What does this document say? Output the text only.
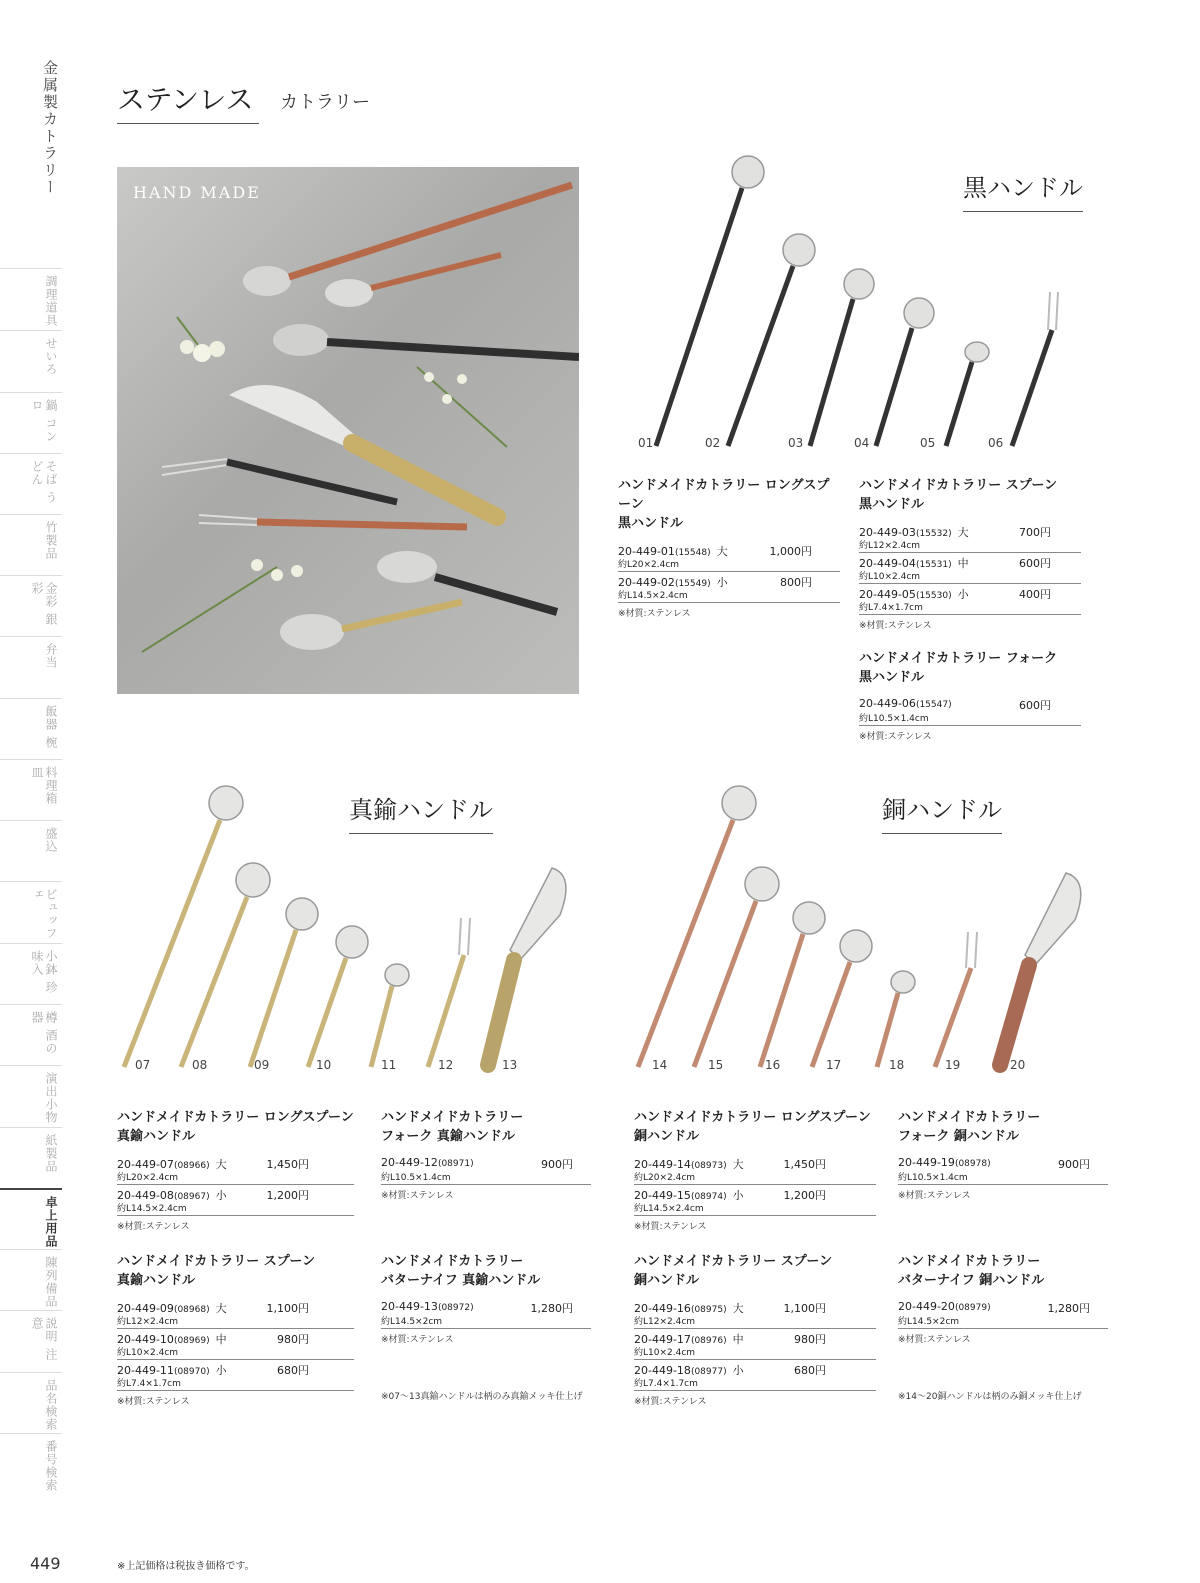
金属製カトラリー
調理道具
せいろ
鍋 コンロ
そば うどん
竹製品
金彩 銀彩
弁当
飯器 椀
料理箱 皿
盛込
ビュッフェ
小鉢 珍味入
樽 酒の器
演出小物
紙製品
卓上用品
陳列備品
説明 注意
品名検索
番号検索
449	※上記価格は税抜き価格です。
ステンレス カトラリー
HAND MADE	黒ハンドル
真鍮ハンドル	銅ハンドル
01	02	03	04	05	06
07	08	09	10	11	12	13	14	15	16	17	18	19	20
ハンドメイドカトラリー ロングスプーン
黒ハンドル
20-449-01(15548) 大
約L20×2.4cm
1,000円
20-449-02(15549) 小
約L14.5×2.4cm
800円
※材質:ステンレス
ハンドメイドカトラリー スプーン
黒ハンドル
20-449-03(15532) 大
約L12×2.4cm
700円
20-449-04(15531) 中
約L10×2.4cm
600円
20-449-05(15530) 小
約L7.4×1.7cm
400円
※材質:ステンレス
ハンドメイドカトラリー フォーク
黒ハンドル
20-449-06(15547)
約L10.5×1.4cm
600円
※材質:ステンレス
ハンドメイドカトラリー ロングスプーン
真鍮ハンドル
20-449-07(08966) 大
約L20×2.4cm
1,450円
20-449-08(08967) 小
約L14.5×2.4cm
1,200円
※材質:ステンレス
ハンドメイドカトラリー
フォーク 真鍮ハンドル
20-449-12(08971)
約L10.5×1.4cm
900円
※材質:ステンレス
ハンドメイドカトラリー スプーン
真鍮ハンドル
20-449-09(08968) 大
約L12×2.4cm
1,100円
20-449-10(08969) 中
約L10×2.4cm
980円
20-449-11(08970) 小
約L7.4×1.7cm
680円
※材質:ステンレス
ハンドメイドカトラリー
バターナイフ 真鍮ハンドル
20-449-13(08972)
約L14.5×2cm
1,280円
※材質:ステンレス
ハンドメイドカトラリー ロングスプーン
銅ハンドル
20-449-14(08973) 大
約L20×2.4cm
1,450円
20-449-15(08974) 小
約L14.5×2.4cm
1,200円
※材質:ステンレス
ハンドメイドカトラリー
フォーク 銅ハンドル
20-449-19(08978)
約L10.5×1.4cm
900円
※材質:ステンレス
ハンドメイドカトラリー スプーン
銅ハンドル
20-449-16(08975) 大
約L12×2.4cm
1,100円
20-449-17(08976) 中
約L10×2.4cm
980円
20-449-18(08977) 小
約L7.4×1.7cm
680円
※材質:ステンレス
ハンドメイドカトラリー
バターナイフ 銅ハンドル
20-449-20(08979)
約L14.5×2cm
1,280円
※材質:ステンレス
※07〜13真鍮ハンドルは柄のみ真鍮メッキ仕上げ	※14〜20銅ハンドルは柄のみ銅メッキ仕上げ
